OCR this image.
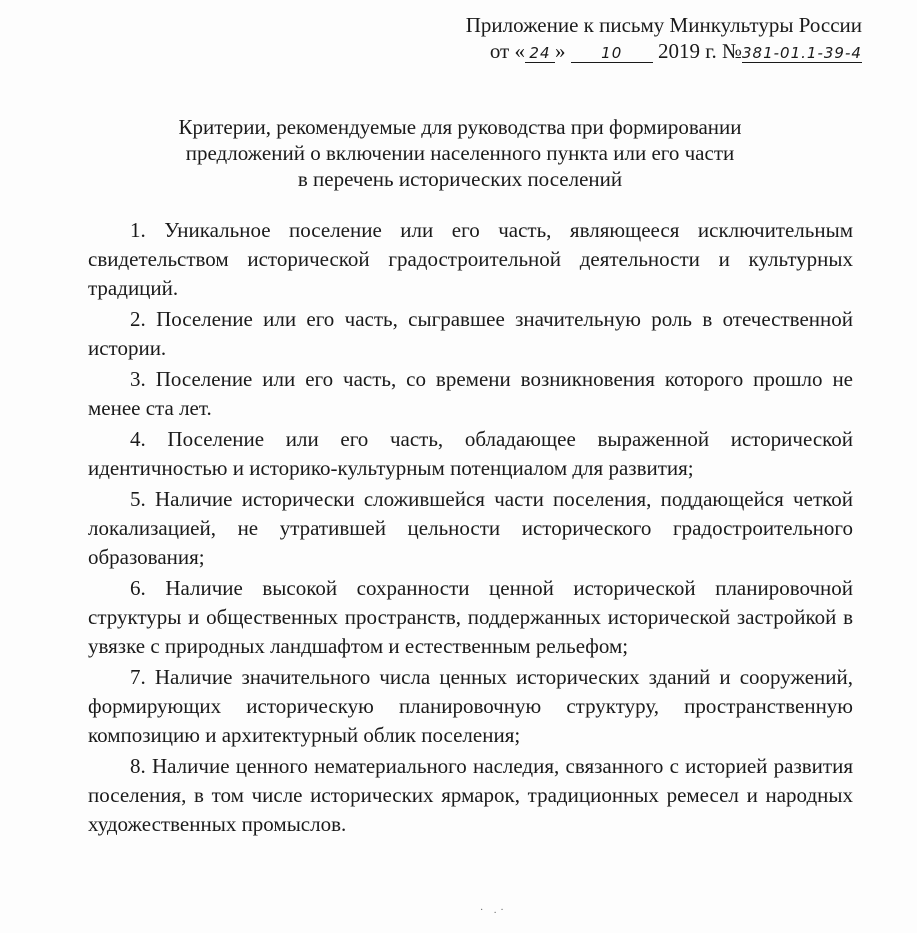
Приложение к письму Минкультуры России
от « 24 » 10 2019 г. №381-01.1-39-4
Критерии, рекомендуемые для руководства при формировании
предложений о включении населенного пункта или его части
в перечень исторических поселений
1. Уникальное поселение или его часть, являющееся исключительным свидетельством исторической градостроительной деятельности и культурных традиций.
2. Поселение или его часть, сыгравшее значительную роль в отечественной истории.
3. Поселение или его часть, со времени возникновения которого прошло не менее ста лет.
4. Поселение или его часть, обладающее выраженной исторической идентичностью и историко-культурным потенциалом для развития;
5. Наличие исторически сложившейся части поселения, поддающейся четкой локализацией, не утратившей цельности исторического градостроительного образования;
6. Наличие высокой сохранности ценной исторической планировочной структуры и общественных пространств, поддержанных исторической застройкой в увязке с природных ландшафтом и естественным рельефом;
7. Наличие значительного числа ценных исторических зданий и сооружений, формирующих историческую планировочную структуру, пространственную композицию и архитектурный облик поселения;
8. Наличие ценного нематериального наследия, связанного с историей развития поселения, в том числе исторических ярмарок, традиционных ремесел и народных художественных промыслов.
· .·
